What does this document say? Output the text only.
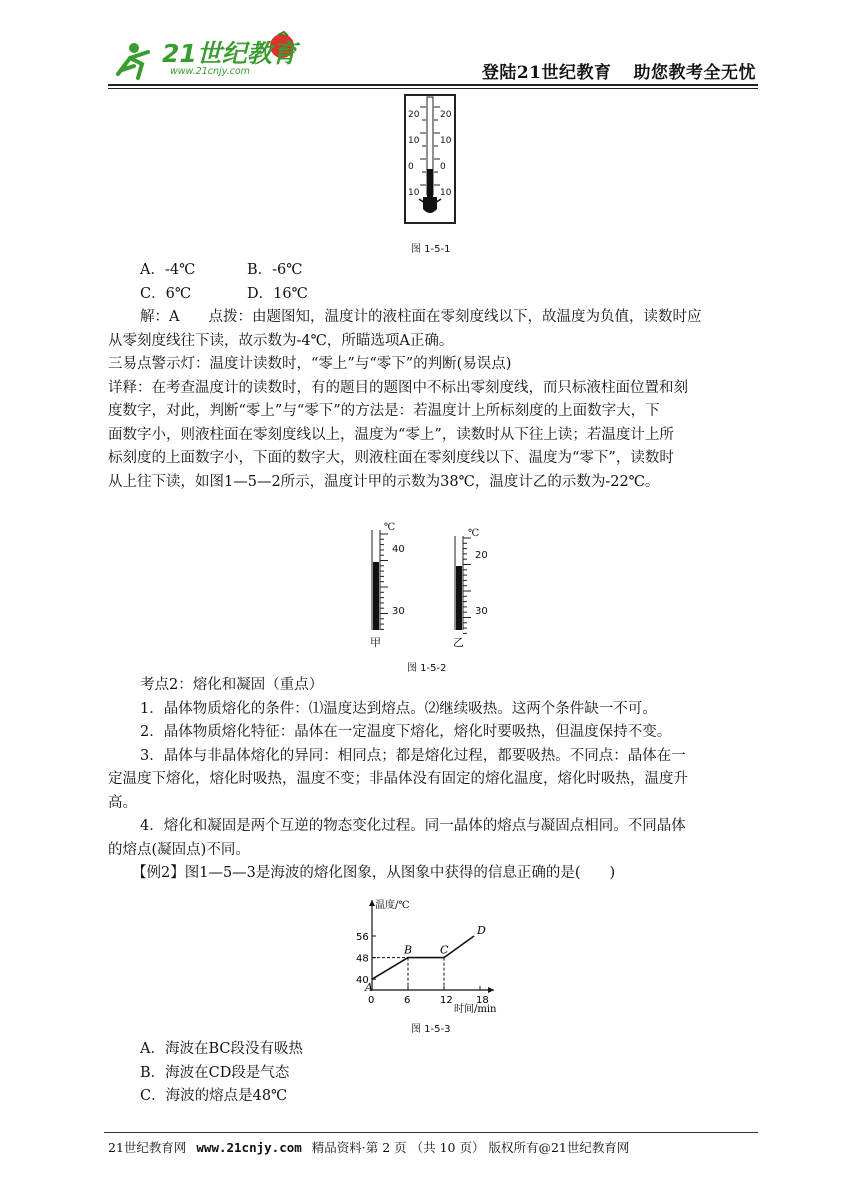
21世纪教育
www.21cnjy.com	登陆21世纪教育 助您教考全无忧
20
10
0
10
20
10
0
10
图 1-5-1
A．-4℃	B．-6℃
C．6℃	D．16℃
解：A　　点拨：由题图知，温度计的液柱面在零刻度线以下，故温度为负值，读数时应
从零刻度线往下读，故示数为-4℃，所瞄选项A正确。
三易点警示灯：温度计读数时，“零上”与“零下”的判断(易误点)
详释：在考查温度计的读数时，有的题目的题图中不标出零刻度线，而只标液柱面位置和刻
度数字，对此，判断“零上”与“零下”的方法是：若温度计上所标刻度的上面数字大，下
面数字小，则液柱面在零刻度线以上，温度为“零上”，读数时从下往上读；若温度计上所
标刻度的上面数字小，下面的数字大，则液柱面在零刻度线以下、温度为“零下”，读数时
从上往下读，如图1—5—2所示，温度计甲的示数为38℃，温度计乙的示数为-22℃。
℃
40
30
℃
20
30
甲	乙
图 1-5-2
考点2：熔化和凝固（重点）
1．晶体物质熔化的条件：⑴温度达到熔点。⑵继续吸热。这两个条件缺一不可。
2．晶体物质熔化特征：晶体在一定温度下熔化，熔化时要吸热，但温度保持不变。
3．晶体与非晶体熔化的异同：相同点；都是熔化过程，都要吸热。不同点：晶体在一
定温度下熔化，熔化时吸热，温度不变；非晶体没有固定的熔化温度，熔化时吸热，温度升
高。
4．熔化和凝固是两个互逆的物态变化过程。同一晶体的熔点与凝固点相同。不同晶体
的熔点(凝固点)不同。
【例2】图1—5—3是海波的熔化图象，从图象中获得的信息正确的是(　　)
温度/℃
时间/min
40
48
56
0	6	12 18
A
B	C
D
图 1-5-3
A．海波在BC段没有吸热
B．海波在CD段是气态
C．海波的熔点是48℃
21世纪教育网 www.21cnjy.com 精品资料·第 2 页 （共 10 页） 版权所有@21世纪教育网
